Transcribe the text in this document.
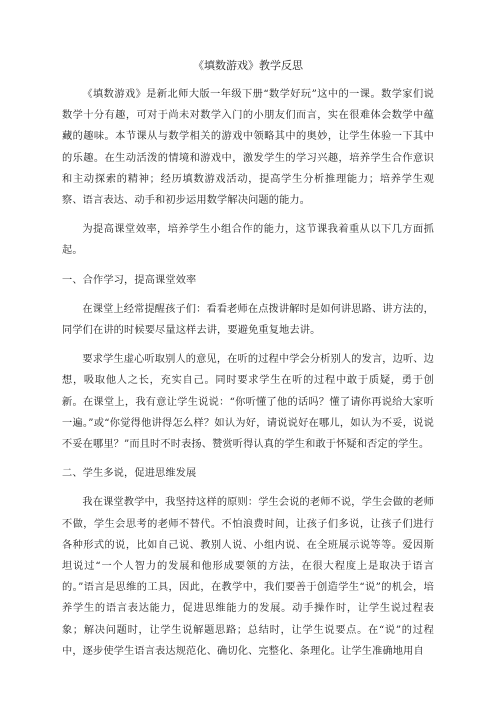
《填数游戏》教学反思

《填数游戏》是新北师大版一年级下册“数学好玩”这中的一课。数学家们说数学十分有趣，可对于尚未对数学入门的小朋友们而言，实在很难体会数学中蕴藏的趣味。本节课从与数学相关的游戏中领略其中的奥妙，让学生体验一下其中的乐趣。在生动活泼的情境和游戏中，激发学生的学习兴趣，培养学生合作意识和主动探索的精神；经历填数游戏活动，提高学生分析推理能力；培养学生观察、语言表达、动手和初步运用数学解决问题的能力。

为提高课堂效率，培养学生小组合作的能力，这节课我着重从以下几方面抓起。

一、合作学习，提高课堂效率

在课堂上经常提醒孩子们：看看老师在点拨讲解时是如何讲思路、讲方法的，同学们在讲的时候要尽量这样去讲，要避免重复地去讲。

要求学生虚心听取别人的意见，在听的过程中学会分析别人的发言，边听、边想，吸取他人之长，充实自己。同时要求学生在听的过程中敢于质疑，勇于创新。在课堂上，我有意让学生说说：“你听懂了他的话吗？懂了请你再说给大家听一遍。”或“你觉得他讲得怎么样？如认为好，请说说好在哪儿，如认为不妥，说说不妥在哪里？”而且时不时表扬、赞赏听得认真的学生和敢于怀疑和否定的学生。

二、学生多说，促进思维发展

我在课堂教学中，我坚持这样的原则：学生会说的老师不说，学生会做的老师不做，学生会思考的老师不替代。不怕浪费时间，让孩子们多说，让孩子们进行各种形式的说，比如自己说、教别人说、小组内说、在全班展示说等等。爱因斯坦说过“一个人智力的发展和他形成要领的方法，在很大程度上是取决于语言的。”语言是思维的工具，因此，在教学中，我们要善于创造学生“说”的机会，培养学生的语言表达能力，促进思维能力的发展。动手操作时，让学生说过程表象；解决问题时，让学生说解题思路；总结时，让学生说要点。在“说”的过程中，逐步使学生语言表达规范化、确切化、完整化、条理化。让学生准确地用自
